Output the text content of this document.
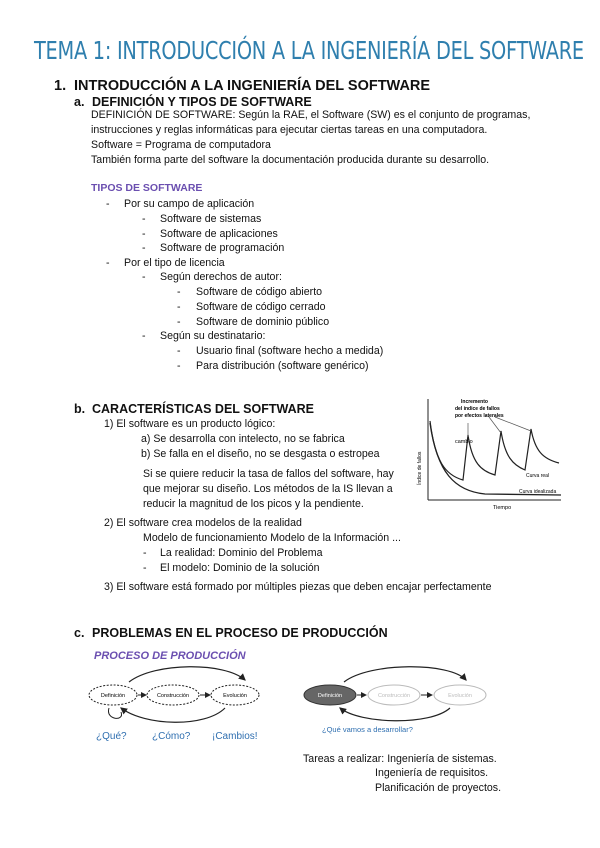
TEMA 1: INTRODUCCIÓN A LA INGENIERÍA DEL SOFTWARE
1. INTRODUCCIÓN A LA INGENIERÍA DEL SOFTWARE
a. DEFINICIÓN Y TIPOS DE SOFTWARE
DEFINICIÓN DE SOFTWARE: Según la RAE, el Software (SW) es el conjunto de programas,
instrucciones y reglas informáticas para ejecutar ciertas tareas en una computadora.
Software = Programa de computadora
También forma parte del software la documentación producida durante su desarrollo.
TIPOS DE SOFTWARE
- Por su campo de aplicación
- Software de sistemas
- Software de aplicaciones
- Software de programación
- Por el tipo de licencia
- Según derechos de autor:
- Software de código abierto
- Software de código cerrado
- Software de dominio público
- Según su destinatario:
- Usuario final (software hecho a medida)
- Para distribución (software genérico)
b. CARACTERÍSTICAS DEL SOFTWARE
1) El software es un producto lógico:
a) Se desarrolla con intelecto, no se fabrica
b) Se falla en el diseño, no se desgasta o estropea
Si se quiere reducir la tasa de fallos del software, hay
que mejorar su diseño. Los métodos de la IS llevan a
reducir la magnitud de los picos y la pendiente.
2) El software crea modelos de la realidad
Modelo de funcionamiento Modelo de la Información ...
- La realidad: Dominio del Problema
- El modelo: Dominio de la solución
3) El software está formado por múltiples piezas que deben encajar perfectamente
Índice de fallos
Tiempo
Incremento
del índice de fallos
por efectos laterales
cambio
Curva real
Curva idealizada
c. PROBLEMAS EN EL PROCESO DE PRODUCCIÓN
PROCESO DE PRODUCCIÓN
Definición	Construcción	Evolución
¿Qué?	¿Cómo? ¡Cambios!
Definición	Construcción	Evolución
¿Qué vamos a desarrollar?
Tareas a realizar: Ingeniería de sistemas.
Ingeniería de requisitos.
Planificación de proyectos.
